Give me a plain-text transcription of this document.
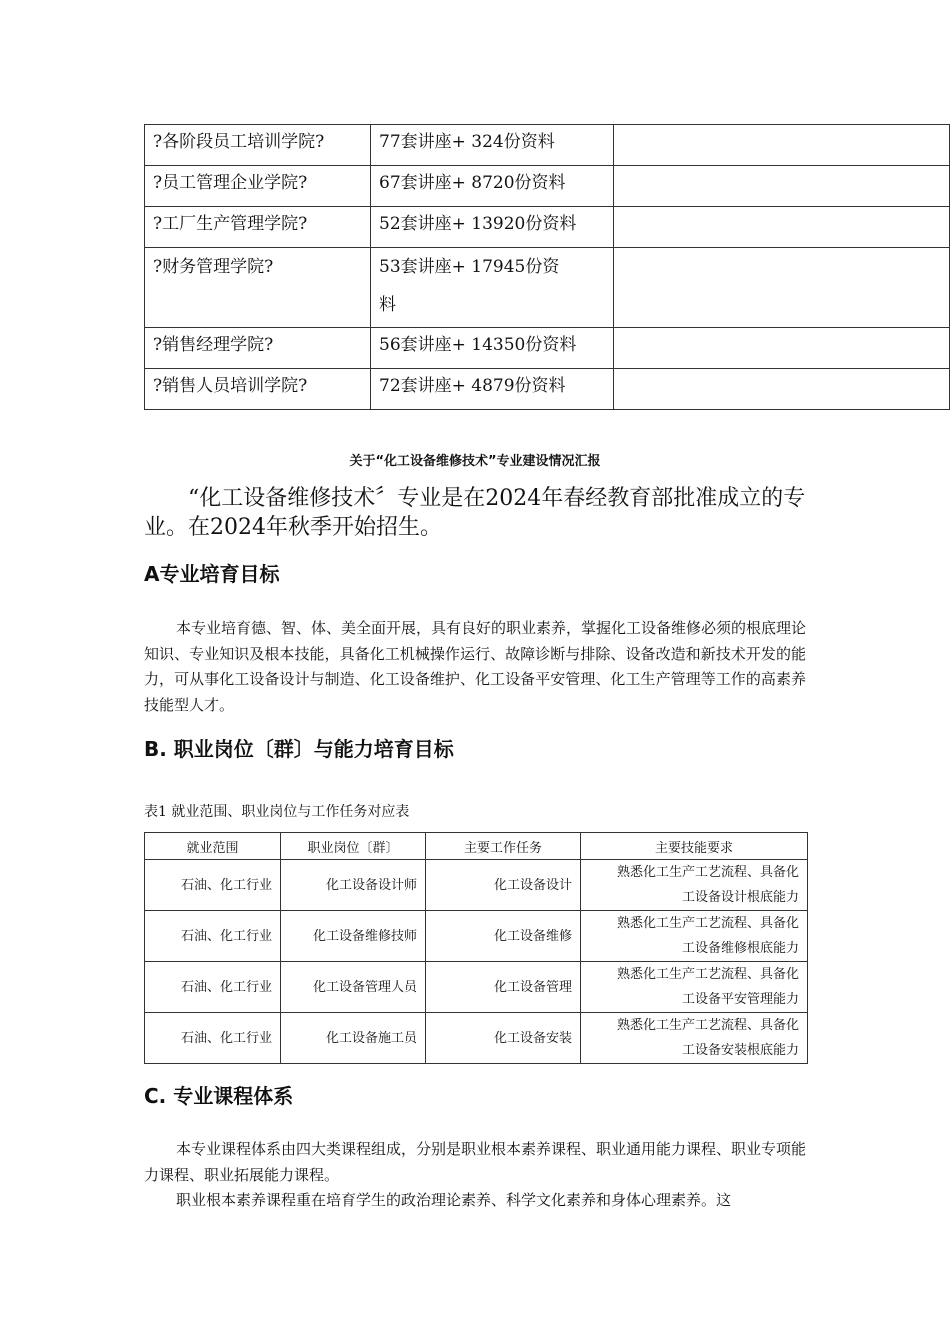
?各阶段员工培训学院?	77套讲座+ 324份资料	
?员工管理企业学院?	67套讲座+ 8720份资料	
?工厂生产管理学院?	52套讲座+ 13920份资料	
?财务管理学院?	53套讲座+ 17945份资
料	

?销售经理学院?	56套讲座+ 14350份资料	
?销售人员培训学院?	72套讲座+ 4879份资料	
关于“化工设备维修技术”专业建设情况汇报

“化工设备维修技术〞专业是在2024年春经教育部批准成立的专业。在2024年秋季开始招生。

A专业培育目标

本专业培育德、智、体、美全面开展，具有良好的职业素养，掌握化工设备维修必须的根底理论知识、专业知识及根本技能，具备化工机械操作运行、故障诊断与排除、设备改造和新技术开发的能力，可从事化工设备设计与制造、化工设备维护、化工设备平安管理、化工生产管理等工作的高素养技能型人才。

B. 职业岗位〔群〕与能力培育目标

表1 就业范围、职业岗位与工作任务对应表

就业范围	职业岗位〔群〕	主要工作任务	主要技能要求
石油、化工行业	化工设备设计师	化工设备设计	熟悉化工生产工艺流程、具备化
工设备设计根底能力

石油、化工行业	化工设备维修技师	化工设备维修	熟悉化工生产工艺流程、具备化
工设备维修根底能力

石油、化工行业	化工设备管理人员	化工设备管理	熟悉化工生产工艺流程、具备化
工设备平安管理能力

石油、化工行业	化工设备施工员	化工设备安装	熟悉化工生产工艺流程、具备化
工设备安装根底能力
C. 专业课程体系

本专业课程体系由四大类课程组成，分别是职业根本素养课程、职业通用能力课程、职业专项能力课程、职业拓展能力课程。

职业根本素养课程重在培育学生的政治理论素养、科学文化素养和身体心理素养。这
